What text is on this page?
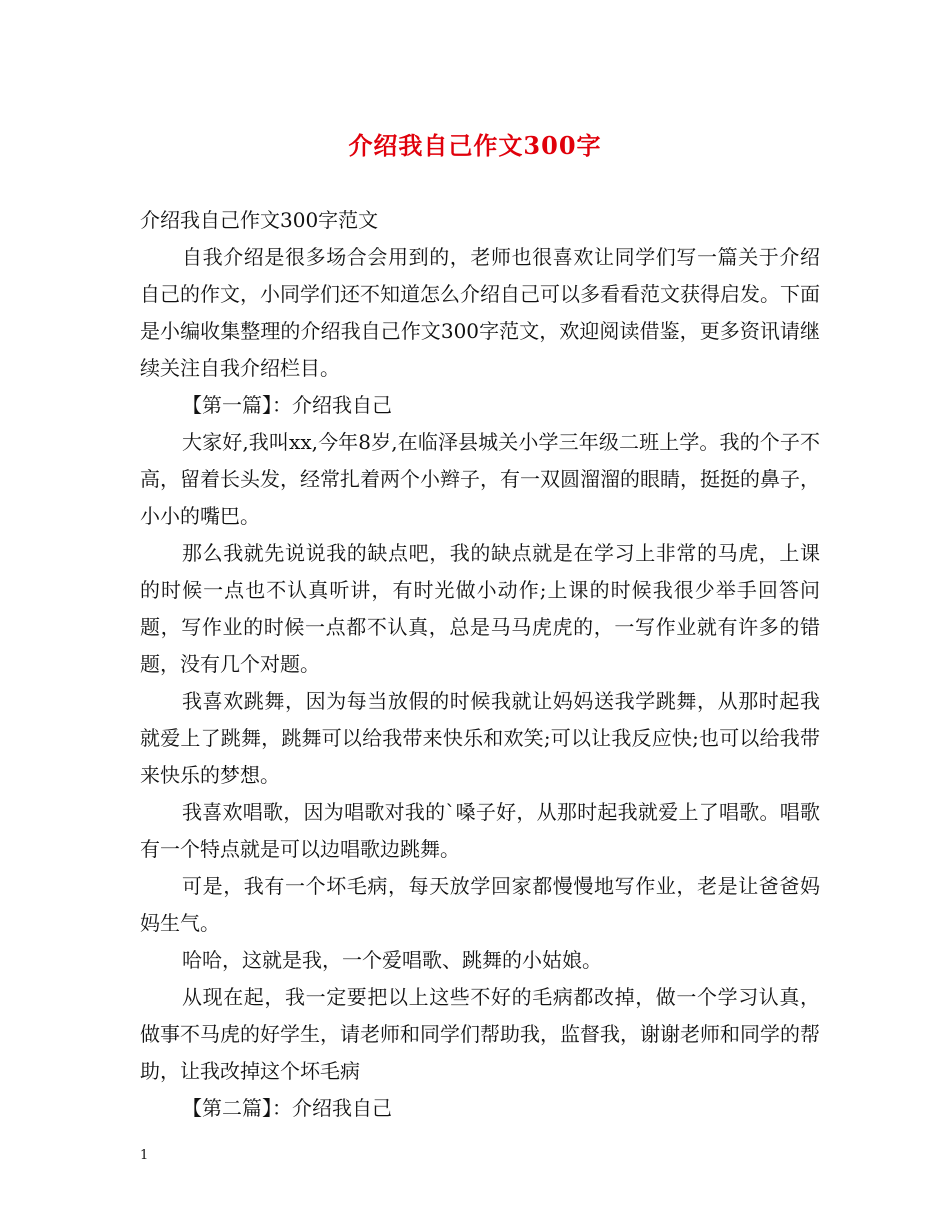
介绍我自己作文300字

介绍我自己作文300字范文

自我介绍是很多场合会用到的，老师也很喜欢让同学们写一篇关于介绍自己的作文，小同学们还不知道怎么介绍自己可以多看看范文获得启发。下面是小编收集整理的介绍我自己作文300字范文，欢迎阅读借鉴，更多资讯请继续关注自我介绍栏目。

【第一篇】：介绍我自己

大家好,我叫xx,今年8岁,在临泽县城关小学三年级二班上学。我的个子不高，留着长头发，经常扎着两个小辫子，有一双圆溜溜的眼睛，挺挺的鼻子，小小的嘴巴。

那么我就先说说我的缺点吧，我的缺点就是在学习上非常的马虎，上课的时候一点也不认真听讲，有时光做小动作;上课的时候我很少举手回答问题，写作业的时候一点都不认真，总是马马虎虎的，一写作业就有许多的错题，没有几个对题。

我喜欢跳舞，因为每当放假的时候我就让妈妈送我学跳舞，从那时起我就爱上了跳舞，跳舞可以给我带来快乐和欢笑;可以让我反应快;也可以给我带来快乐的梦想。

我喜欢唱歌，因为唱歌对我的`嗓子好，从那时起我就爱上了唱歌。唱歌有一个特点就是可以边唱歌边跳舞。

可是，我有一个坏毛病，每天放学回家都慢慢地写作业，老是让爸爸妈妈生气。

哈哈，这就是我，一个爱唱歌、跳舞的小姑娘。

从现在起，我一定要把以上这些不好的毛病都改掉，做一个学习认真，做事不马虎的好学生，请老师和同学们帮助我，监督我，谢谢老师和同学的帮助，让我改掉这个坏毛病

【第二篇】：介绍我自己

1
